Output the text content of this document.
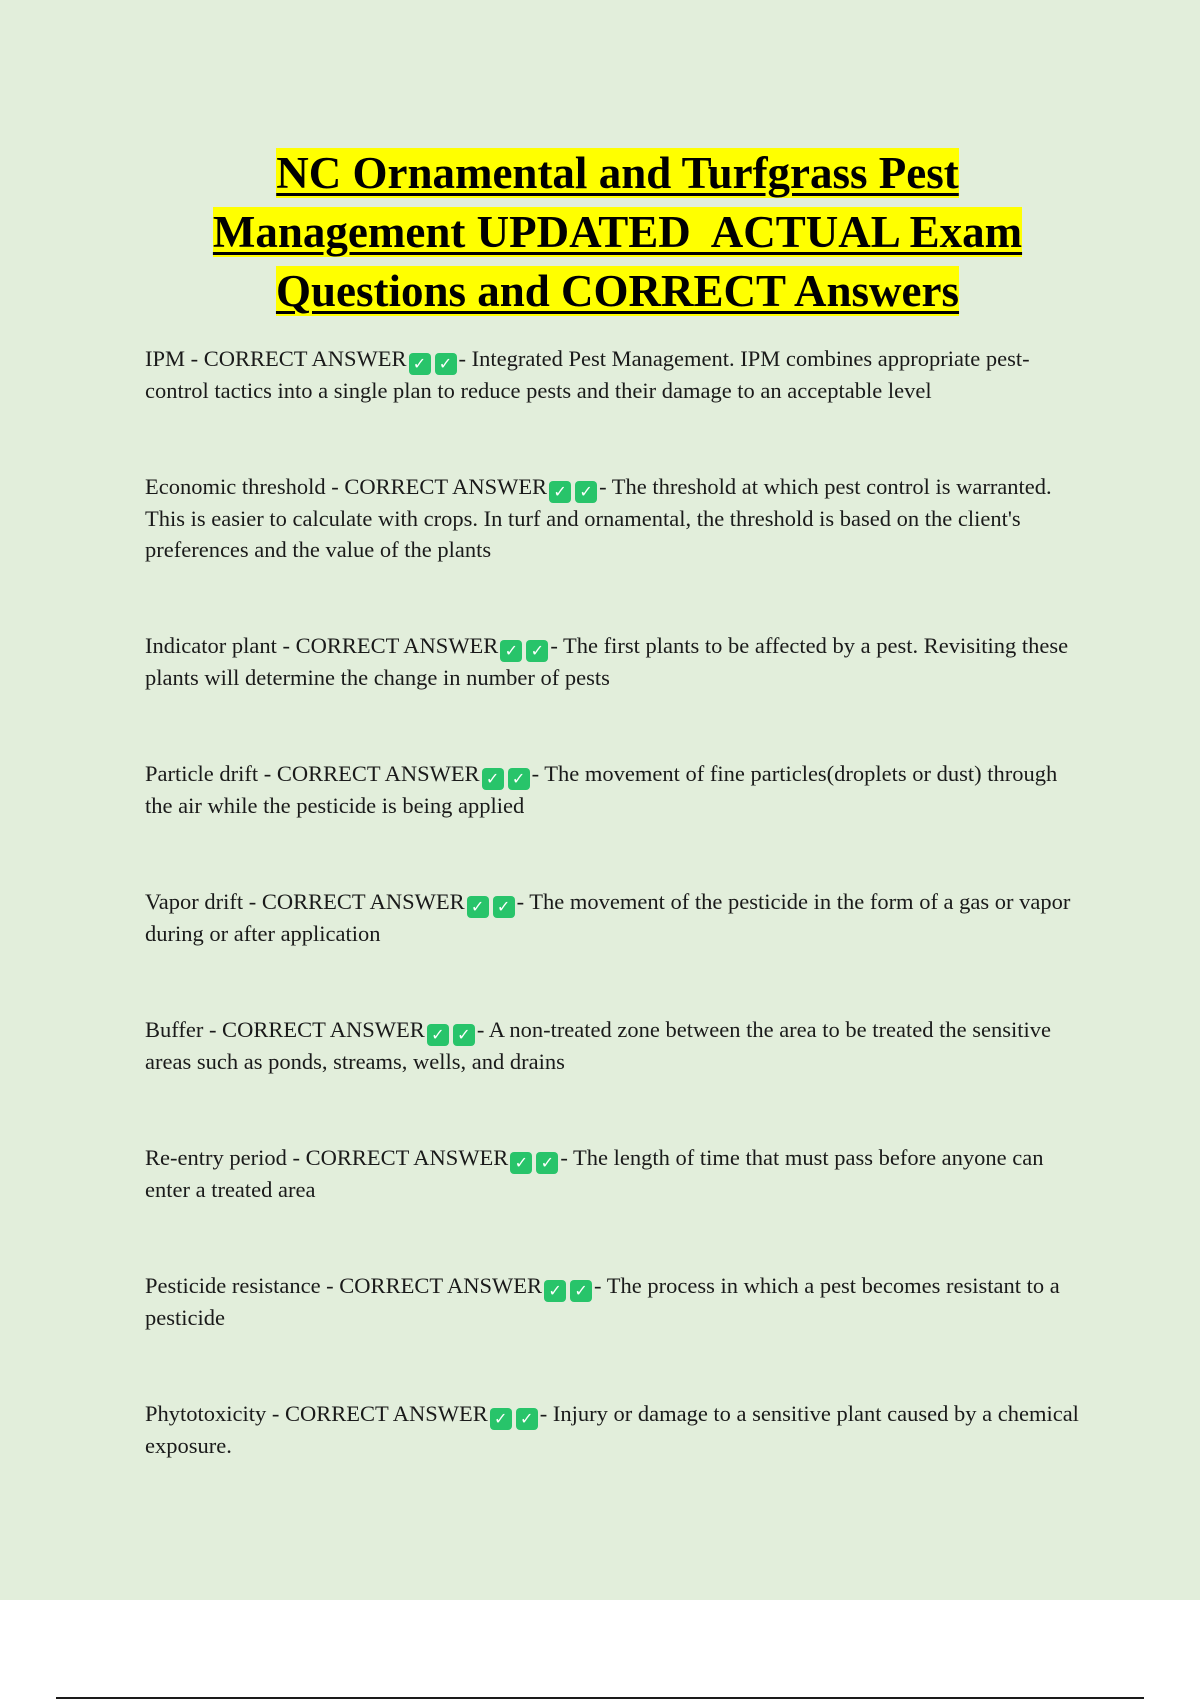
NC Ornamental and Turfgrass Pest
Management UPDATED  ACTUAL Exam
Questions and CORRECT Answers

IPM - CORRECT ANSWER ✓ ✓ - Integrated Pest Management. IPM combines appropriate pest-control tactics into a single plan to reduce pests and their damage to an acceptable level

Economic threshold - CORRECT ANSWER ✓ ✓ - The threshold at which pest control is warranted. This is easier to calculate with crops. In turf and ornamental, the threshold is based on the client's preferences and the value of the plants

Indicator plant - CORRECT ANSWER ✓ ✓ - The first plants to be affected by a pest. Revisiting these plants will determine the change in number of pests

Particle drift - CORRECT ANSWER ✓ ✓ - The movement of fine particles(droplets or dust) through the air while the pesticide is being applied

Vapor drift - CORRECT ANSWER ✓ ✓ - The movement of the pesticide in the form of a gas or vapor during or after application

Buffer - CORRECT ANSWER ✓ ✓ - A non-treated zone between the area to be treated the sensitive areas such as ponds, streams, wells, and drains

Re-entry period - CORRECT ANSWER ✓ ✓ - The length of time that must pass before anyone can enter a treated area

Pesticide resistance - CORRECT ANSWER ✓ ✓ - The process in which a pest becomes resistant to a pesticide

Phytotoxicity - CORRECT ANSWER ✓ ✓ - Injury or damage to a sensitive plant caused by a chemical exposure.
